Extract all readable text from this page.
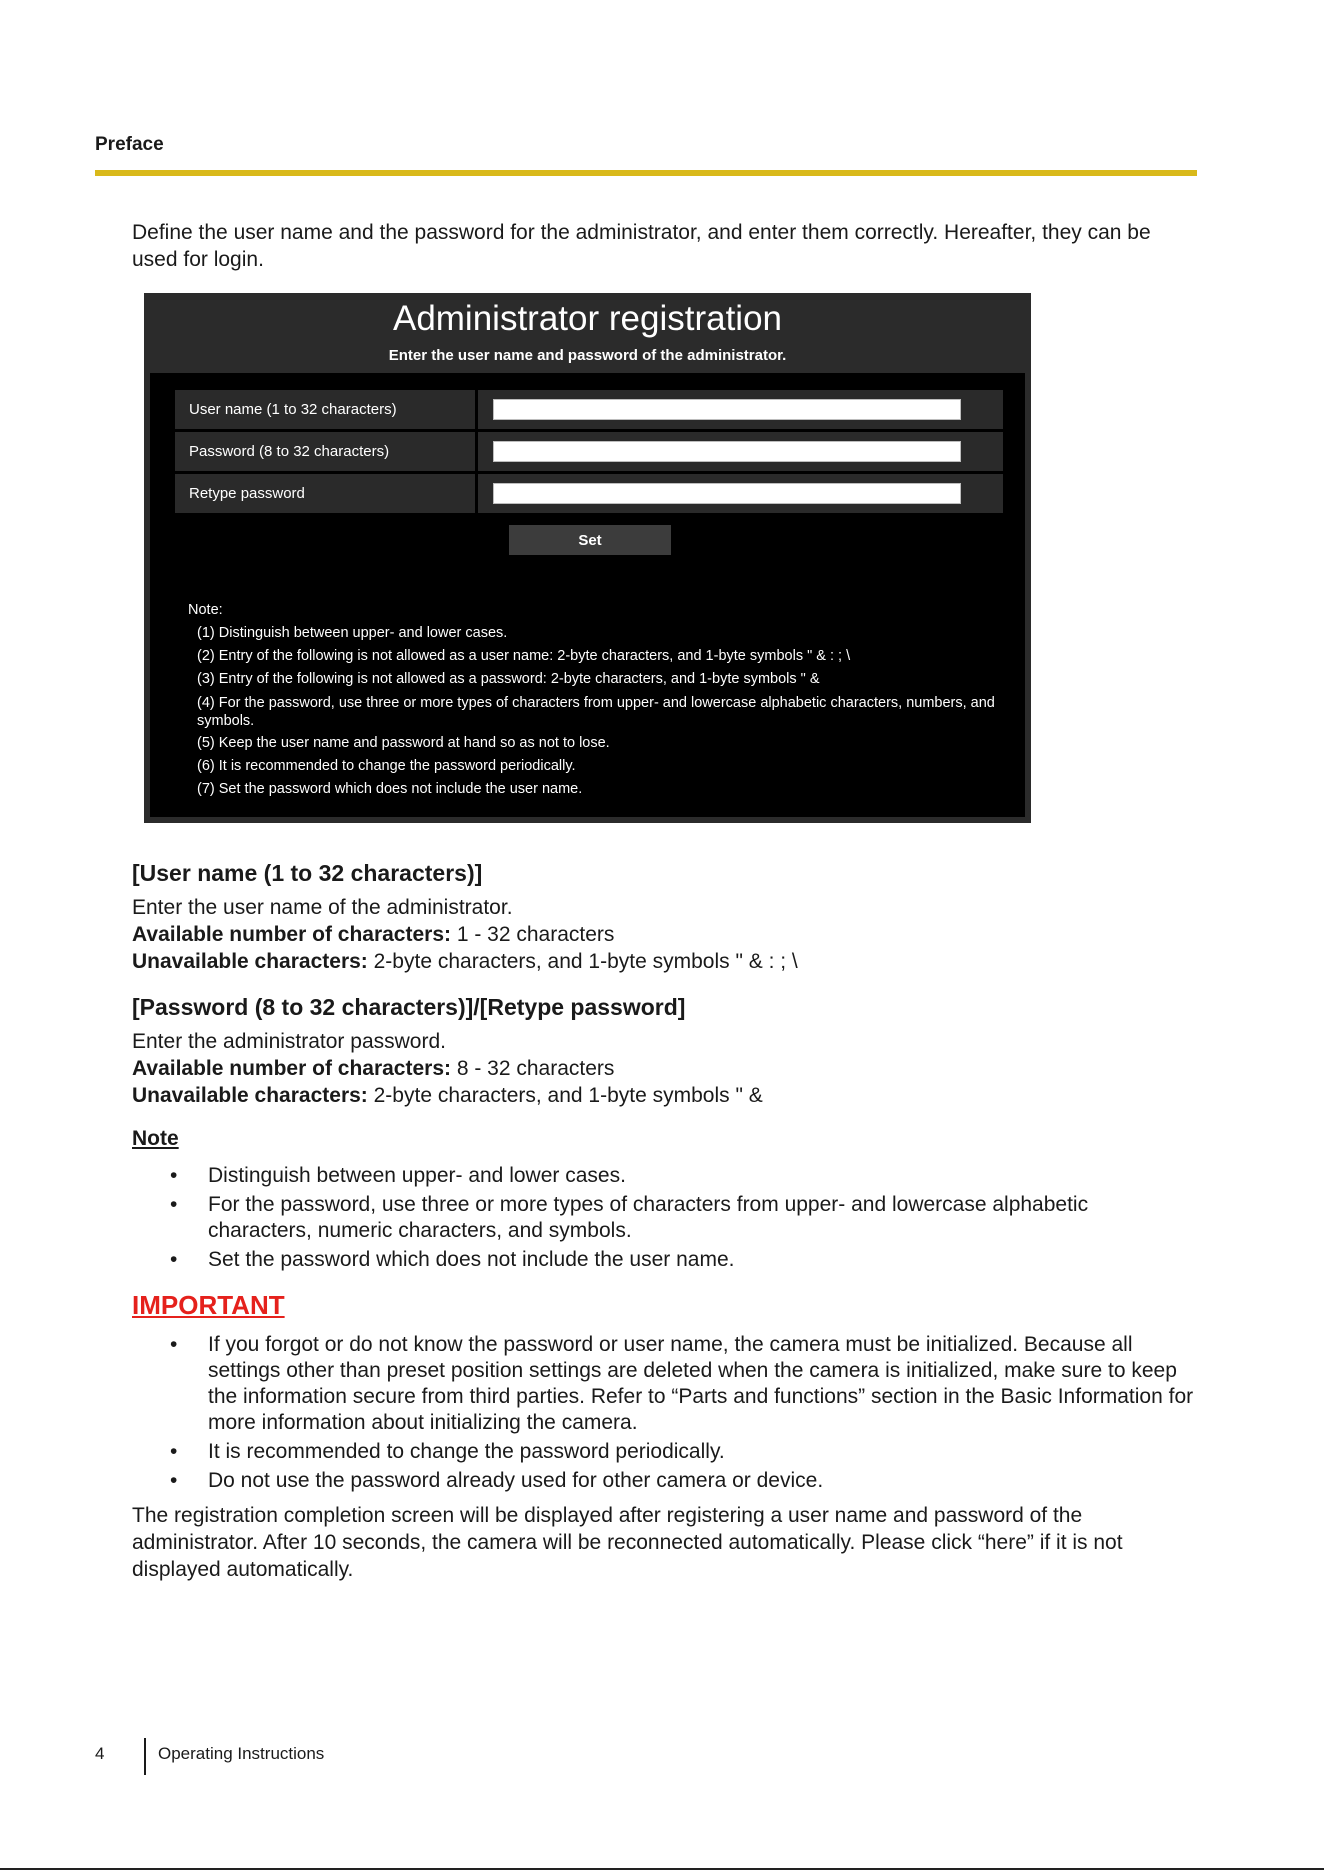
Preface

Define the user name and the password for the administrator, and enter them correctly. Hereafter, they can be used for login.

Administrator registration

Enter the user name and password of the administrator.

User name (1 to 32 characters)
Password (8 to 32 characters)
Retype password
Set
Note:
(1) Distinguish between upper- and lower cases.
(2) Entry of the following is not allowed as a user name: 2-byte characters, and 1-byte symbols " & : ; \
(3) Entry of the following is not allowed as a password: 2-byte characters, and 1-byte symbols " &
(4) For the password, use three or more types of characters from upper- and lowercase alphabetic characters, numbers, and symbols.
(5) Keep the user name and password at hand so as not to lose.
(6) It is recommended to change the password periodically.
(7) Set the password which does not include the user name.
[User name (1 to 32 characters)]
Enter the user name of the administrator.
Available number of characters: 1 - 32 characters
Unavailable characters: 2-byte characters, and 1-byte symbols " & : ; \
[Password (8 to 32 characters)]/[Retype password]
Enter the administrator password.
Available number of characters: 8 - 32 characters
Unavailable characters: 2-byte characters, and 1-byte symbols " &
Note
• Distinguish between upper- and lower cases.
• For the password, use three or more types of characters from upper- and lowercase alphabetic characters, numeric characters, and symbols.
• Set the password which does not include the user name.
IMPORTANT
• If you forgot or do not know the password or user name, the camera must be initialized. Because all settings other than preset position settings are deleted when the camera is initialized, make sure to keep the information secure from third parties. Refer to “Parts and functions” section in the Basic Information for more information about initializing the camera.
• It is recommended to change the password periodically.
• Do not use the password already used for other camera or device.

The registration completion screen will be displayed after registering a user name and password of the administrator. After 10 seconds, the camera will be reconnected automatically. Please click “here” if it is not displayed automatically.

4	Operating Instructions
